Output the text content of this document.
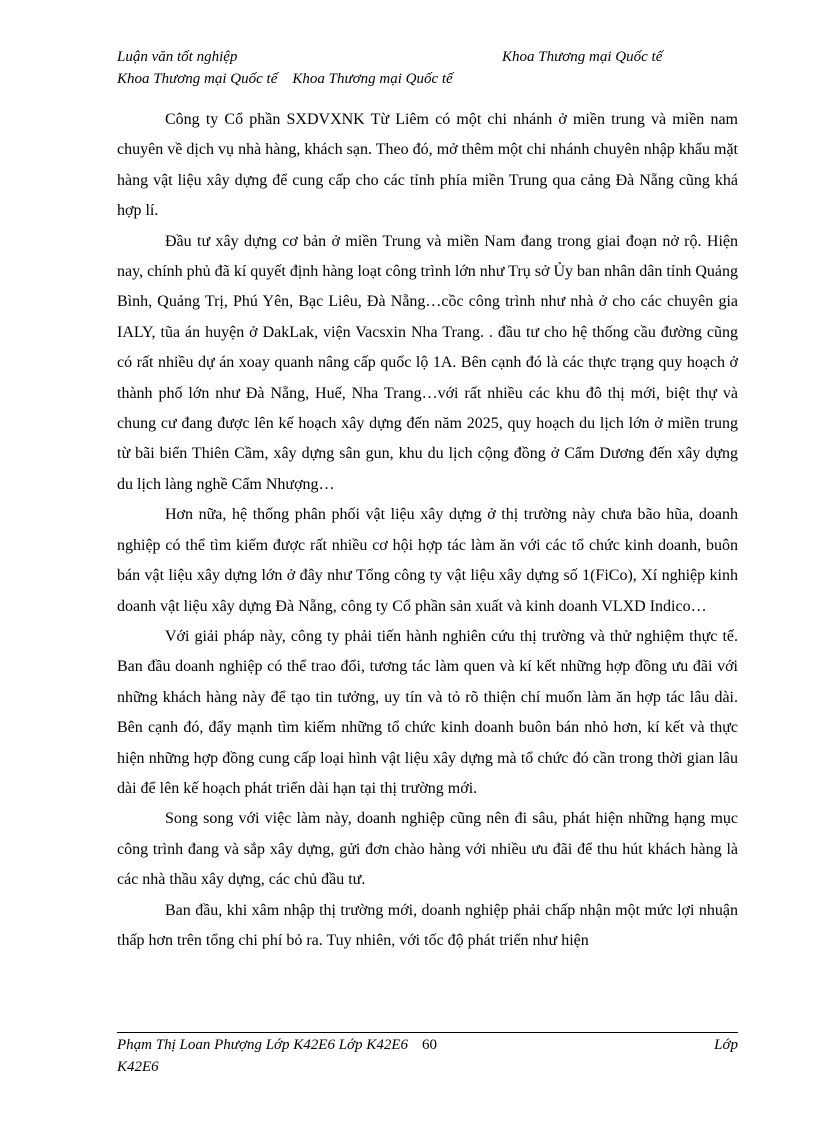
Luận văn tốt nghiệp	Khoa Thương mại Quốc tế
Khoa Thương mại Quốc tế    Khoa Thương mại Quốc tế

Công ty Cổ phần SXDVXNK Từ Liêm có một chi nhánh ở miền trung và miền nam chuyên về dịch vụ nhà hàng, khách sạn. Theo đó, mở thêm một chi nhánh chuyên nhập khẩu mặt hàng vật liệu xây dựng để cung cấp cho các tỉnh phía miền Trung qua cảng Đà Nẵng cũng khá hợp lí.

Đầu tư xây dựng cơ bản ở miền Trung và miền Nam đang trong giai đoạn nở rộ. Hiện nay, chính phủ đã kí quyết định hàng loạt công trình lớn như Trụ sở Ủy ban nhân dân tỉnh Quảng Bình, Quảng Trị, Phú Yên, Bạc Liêu, Đà Nẵng…cồc công trình như nhà ở cho các chuyên gia IALY, tũa án huyện ở DakLak, viện Vacsxin Nha Trang. . đầu tư cho hệ thống cầu đường cũng có rất nhiều dự án xoay quanh nâng cấp quốc lộ 1A. Bên cạnh đó là các thực trạng quy hoạch ở thành phố lớn như Đà Nẵng, Huế, Nha Trang…với rất nhiều các khu đô thị mới, biệt thự và chung cư đang được lên kế hoạch xây dựng đến năm 2025, quy hoạch du lịch lớn ở miền trung từ bãi biển Thiên Cầm, xây dựng sân gun, khu du lịch cộng đồng ở Cẩm Dương đến xây dựng du lịch làng nghề Cẩm Nhượng…

Hơn nữa, hệ thống phân phối vật liệu xây dựng ở thị trường này chưa bão hũa, doanh nghiệp có thể tìm kiếm được rất nhiều cơ hội hợp tác làm ăn với các tổ chức kinh doanh, buôn bán vật liệu xây dựng lớn ở đây như Tổng công ty vật liệu xây dựng số 1(FiCo), Xí nghiệp kinh doanh vật liệu xây dựng Đà Nẵng, công ty Cổ phần sản xuất và kinh doanh VLXD Indico…

Với giải pháp này, công ty phải tiến hành nghiên cứu thị trường và thử nghiệm thực tế. Ban đầu doanh nghiệp có thể trao đổi, tương tác làm quen và kí kết những hợp đồng ưu đãi với những khách hàng này để tạo tin tưởng, uy tín và tỏ rõ thiện chí muốn làm ăn hợp tác lâu dài. Bên cạnh đó, đẩy mạnh tìm kiếm những tổ chức kinh doanh buôn bán nhỏ hơn, kí kết và thực hiện những hợp đồng cung cấp loại hình vật liệu xây dựng mà tổ chức đó cần trong thời gian lâu dài để lên kế hoạch phát triển dài hạn tại thị trường mới.

Song song với việc làm này, doanh nghiệp cũng nên đi sâu, phát hiện những hạng mục công trình đang và sắp xây dựng, gửi đơn chào hàng với nhiều ưu đãi để thu hút khách hàng là các nhà thầu xây dựng, các chủ đầu tư.

Ban đầu, khi xâm nhập thị trường mới, doanh nghiệp phải chấp nhận một mức lợi nhuận thấp hơn trên tổng chi phí bỏ ra. Tuy nhiên, với tốc độ phát triển như hiện

Phạm Thị Loan Phượng Lớp K42E6 Lớp K42E6 60	Lớp
K42E6
